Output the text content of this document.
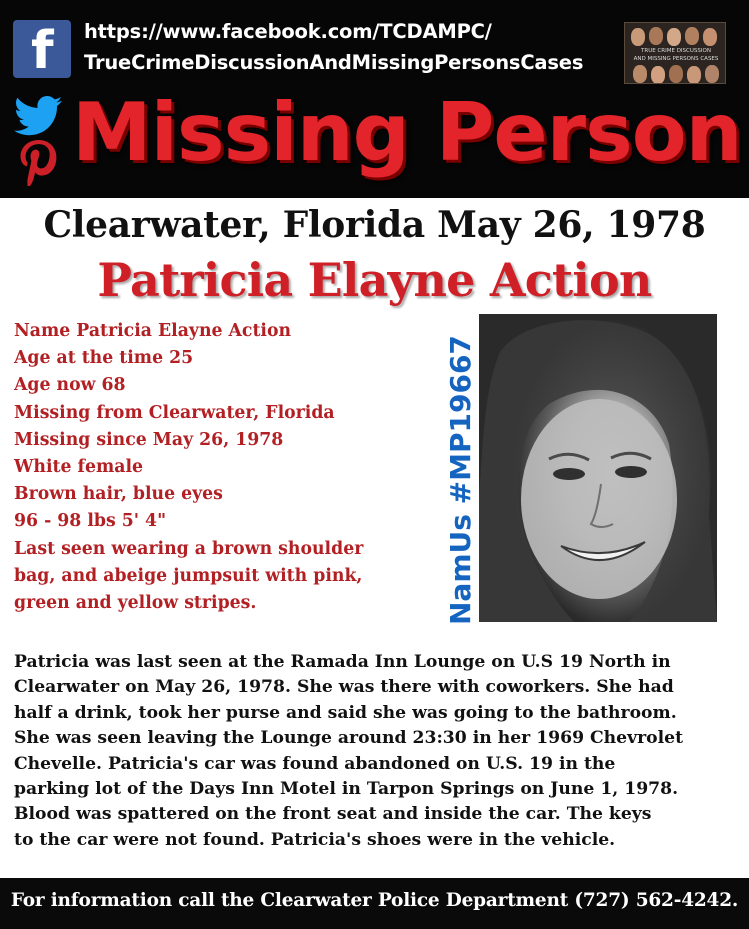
f https://www.facebook.com/TCDAMPC/
TrueCrimeDiscussionAndMissingPersonsCases
Missing Person
TRUE CRIME DISCUSSION
AND MISSING PERSONS CASES
Clearwater, Florida May 26, 1978
Patricia Elayne Action
Name Patricia Elayne Action
Age at the time 25
Age now 68
Missing from Clearwater, Florida
Missing since May 26, 1978
White female
Brown hair, blue eyes
96 - 98 lbs 5' 4"
Last seen wearing a brown shoulder
bag, and abeige jumpsuit with pink,
green and yellow stripes.	NamUs #MP19667
Patricia was last seen at the Ramada Inn Lounge on U.S 19 North in
Clearwater on May 26, 1978. She was there with coworkers. She had
half a drink, took her purse and said she was going to the bathroom.
She was seen leaving the Lounge around 23:30 in her 1969 Chevrolet
Chevelle. Patricia's car was found abandoned on U.S. 19 in the
parking lot of the Days Inn Motel in Tarpon Springs on June 1, 1978.
Blood was spattered on the front seat and inside the car. The keys
to the car were not found. Patricia's shoes were in the vehicle.
For information call the Clearwater Police Department (727) 562-4242.
